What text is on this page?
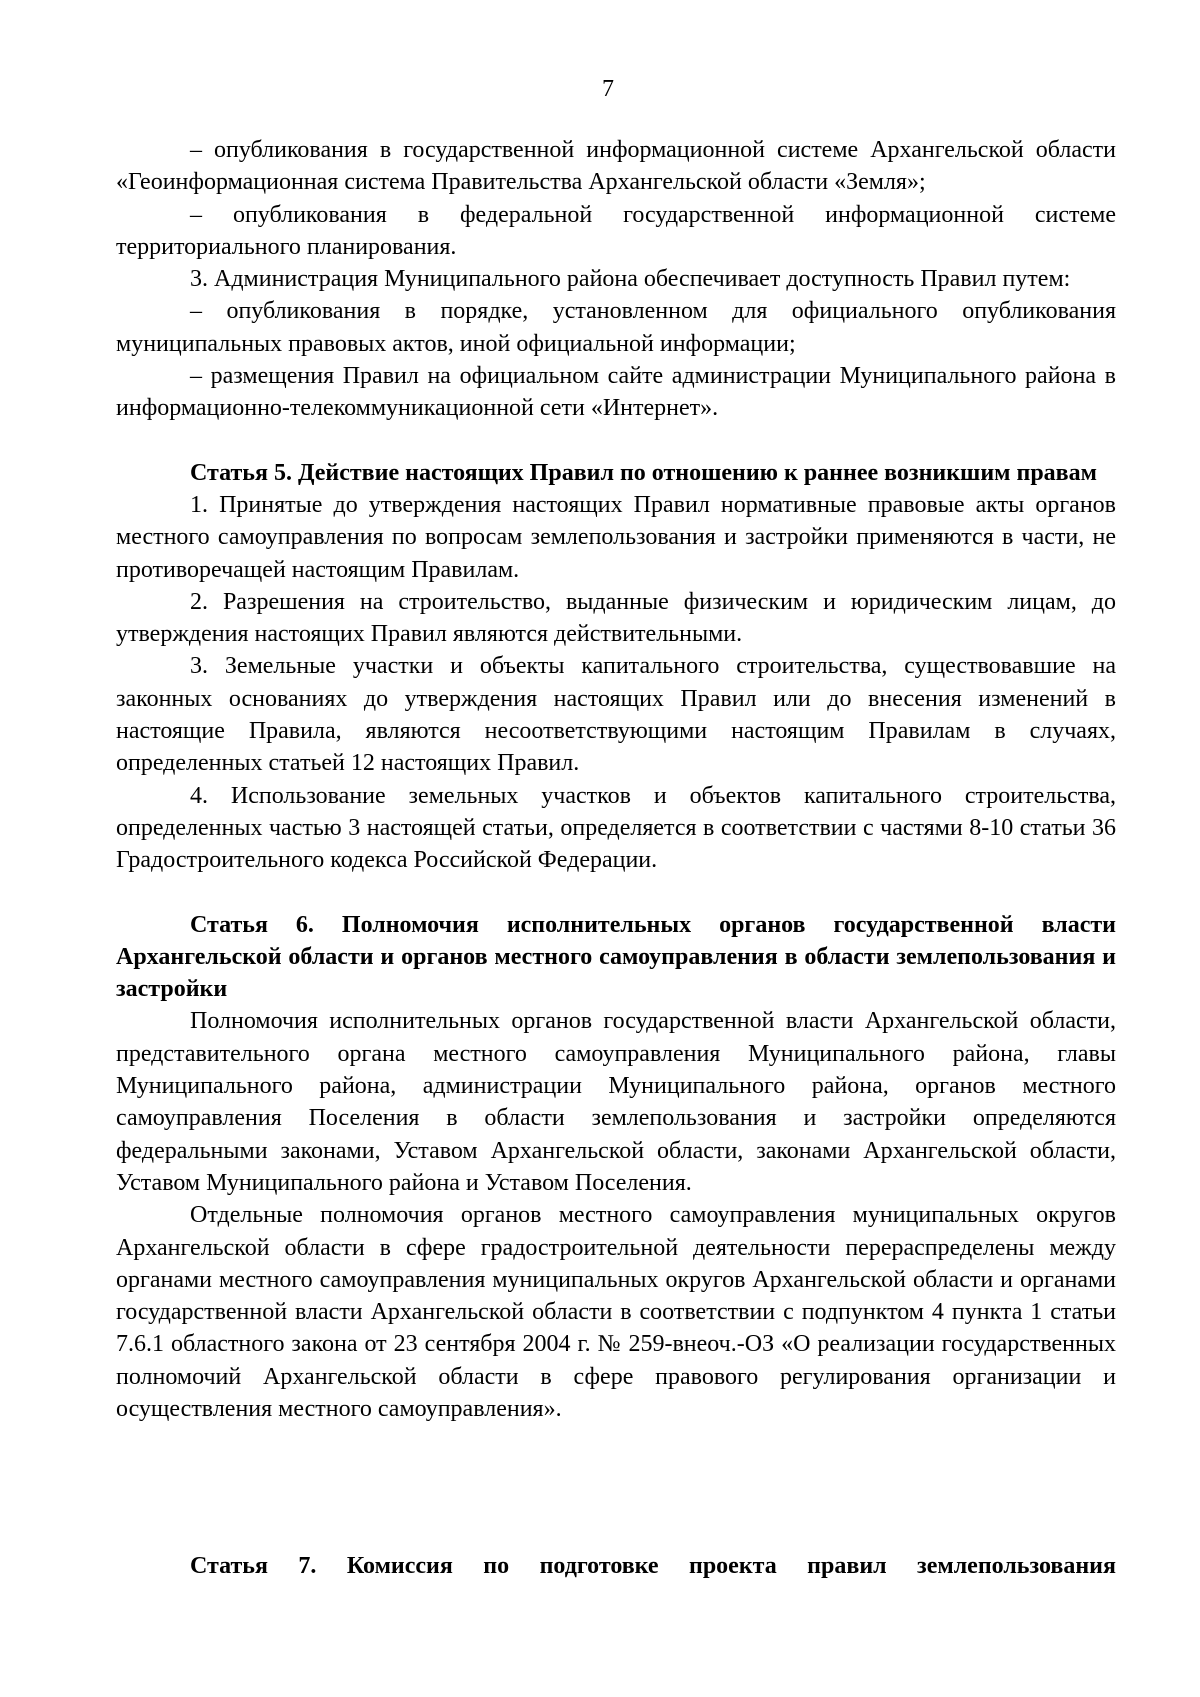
7

– опубликования в государственной информационной системе Архангельской области «Геоинформационная система Правительства Архангельской области «Земля»;

– опубликования в федеральной государственной информационной системе территориального планирования.

3. Администрация Муниципального района обеспечивает доступность Правил путем:

– опубликования в порядке, установленном для официального опубликования муниципальных правовых актов, иной официальной информации;

– размещения Правил на официальном сайте администрации Муниципального района в информационно-телекоммуникационной сети «Интернет».

Статья 5. Действие настоящих Правил по отношению к раннее возникшим правам

1. Принятые до утверждения настоящих Правил нормативные правовые акты органов местного самоуправления по вопросам землепользования и застройки применяются в части, не противоречащей настоящим Правилам.

2. Разрешения на строительство, выданные физическим и юридическим лицам, до утверждения настоящих Правил являются действительными.

3. Земельные участки и объекты капитального строительства, существовавшие на законных основаниях до утверждения настоящих Правил или до внесения изменений в настоящие Правила, являются несоответствующими настоящим Правилам в случаях, определенных статьей 12 настоящих Правил.

4. Использование земельных участков и объектов капитального строительства, определенных частью 3 настоящей статьи, определяется в соответствии с частями 8-10 статьи 36 Градостроительного кодекса Российской Федерации.

Статья 6. Полномочия исполнительных органов государственной власти Архангельской области и органов местного самоуправления в области землепользования и застройки

Полномочия исполнительных органов государственной власти Архангельской области, представительного органа местного самоуправления Муниципального района, главы Муниципального района, администрации Муниципального района, органов местного самоуправления Поселения в области землепользования и застройки определяются федеральными законами, Уставом Архангельской области, законами Архангельской области, Уставом Муниципального района и Уставом Поселения.

Отдельные полномочия органов местного самоуправления муниципальных округов Архангельской области в сфере градостроительной деятельности перераспределены между органами местного самоуправления муниципальных округов Архангельской области и органами государственной власти Архангельской области в соответствии с подпунктом 4 пункта 1 статьи 7.6.1 областного закона от 23 сентября 2004 г. № 259-внеоч.-ОЗ «О реализации государственных полномочий Архангельской области в сфере правового регулирования организации и осуществления местного самоуправления».

Статья 7. Комиссия по подготовке проекта правил землепользования
